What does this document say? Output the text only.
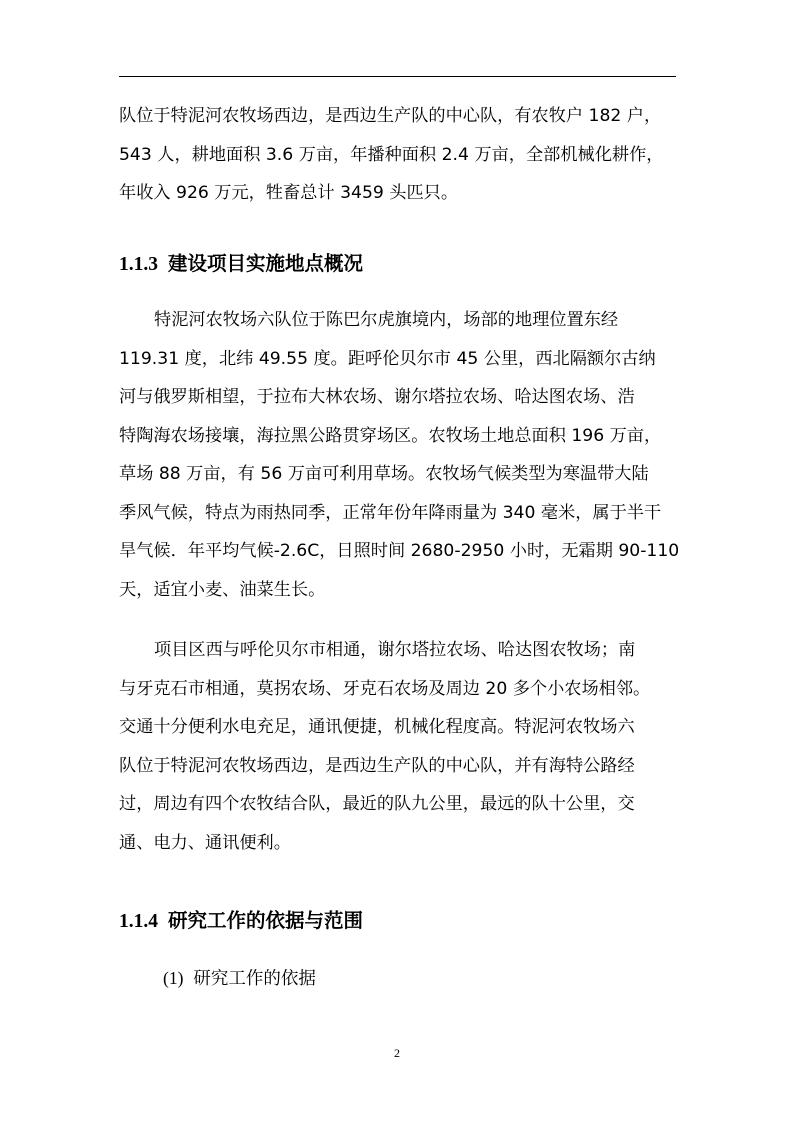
队位于特泥河农牧场西边，是西边生产队的中心队，有农牧户 182 户，
543 人，耕地面积 3.6 万亩，年播种面积 2.4 万亩，全部机械化耕作，
年收入 926 万元，牲畜总计 3459 头匹只。
1.1.3 建设项目实施地点概况
特泥河农牧场六队位于陈巴尔虎旗境内，场部的地理位置东经
119.31 度，北纬 49.55 度。距呼伦贝尔市 45 公里，西北隔额尔古纳
河与俄罗斯相望，于拉布大林农场、谢尔塔拉农场、哈达图农场、浩
特陶海农场接壤，海拉黑公路贯穿场区。农牧场土地总面积 196 万亩，
草场 88 万亩，有 56 万亩可利用草场。农牧场气候类型为寒温带大陆
季风气候，特点为雨热同季，正常年份年降雨量为 340 毫米，属于半干
旱气候．年平均气候-2.6C，日照时间 2680-2950 小时，无霜期 90-110
天，适宜小麦、油菜生长。
项目区西与呼伦贝尔市相通，谢尔塔拉农场、哈达图农牧场；南
与牙克石市相通，莫拐农场、牙克石农场及周边 20 多个小农场相邻。
交通十分便利水电充足，通讯便捷，机械化程度高。特泥河农牧场六
队位于特泥河农牧场西边，是西边生产队的中心队，并有海特公路经
过，周边有四个农牧结合队，最近的队九公里，最远的队十公里，交
通、电力、通讯便利。
1.1.4 研究工作的依据与范围
(1) 研究工作的依据
2
